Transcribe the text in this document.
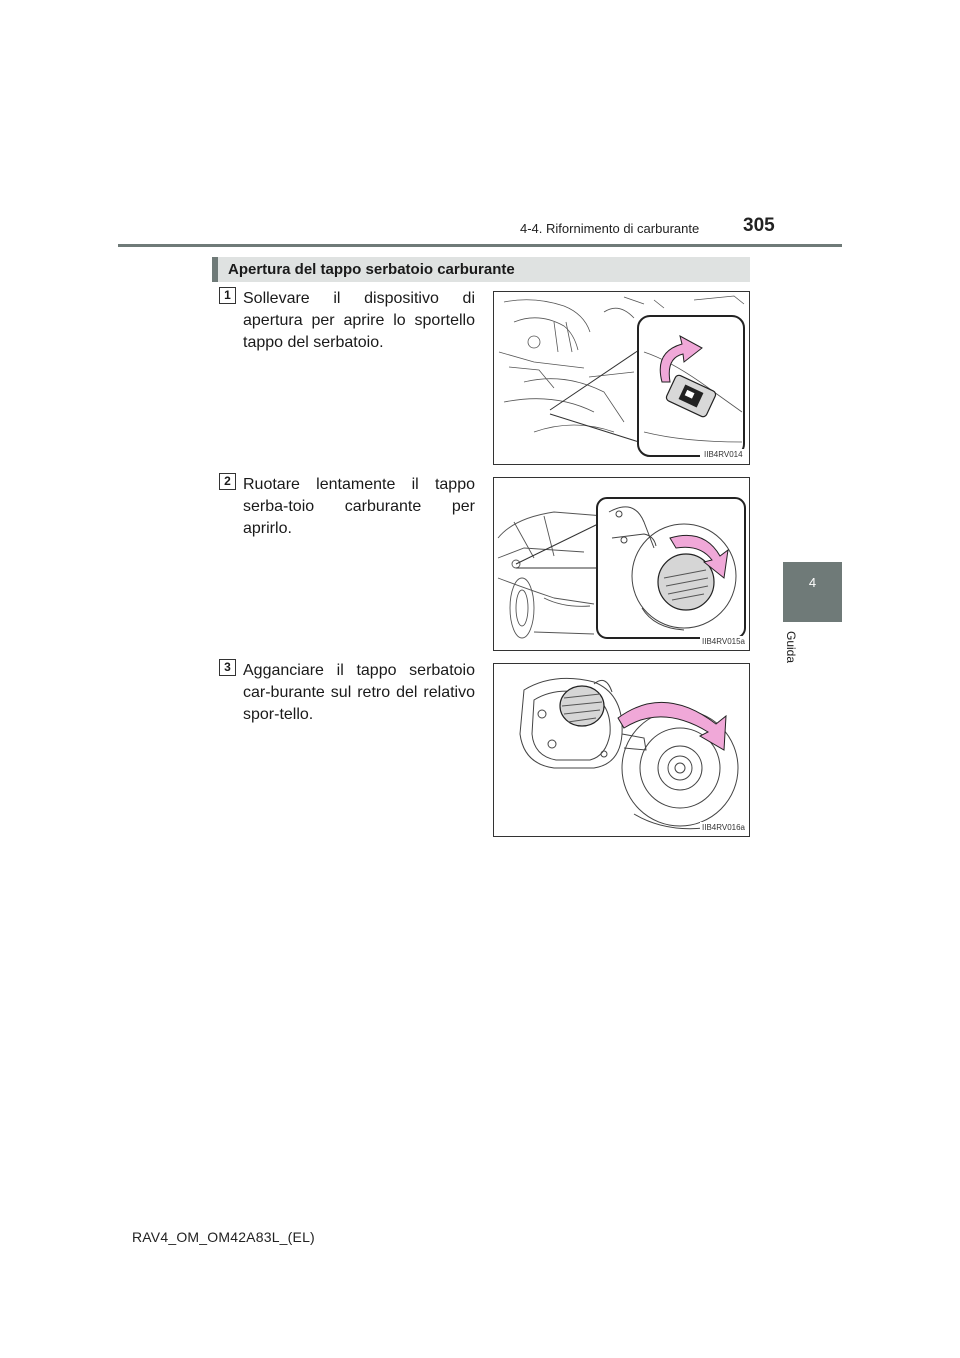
4-4. Rifornimento di carburante 305
4
Guida
Apertura del tappo serbatoio carburante
1 Sollevare il dispositivo di apertura per aprire lo sportello tappo del serbatoio.
IIB4RV014
2 Ruotare lentamente il tappo serba-toio carburante per aprirlo.
IIB4RV015a
3 Agganciare il tappo serbatoio car-burante sul retro del relativo spor-tello.
IIB4RV016a
RAV4_OM_OM42A83L_(EL)
